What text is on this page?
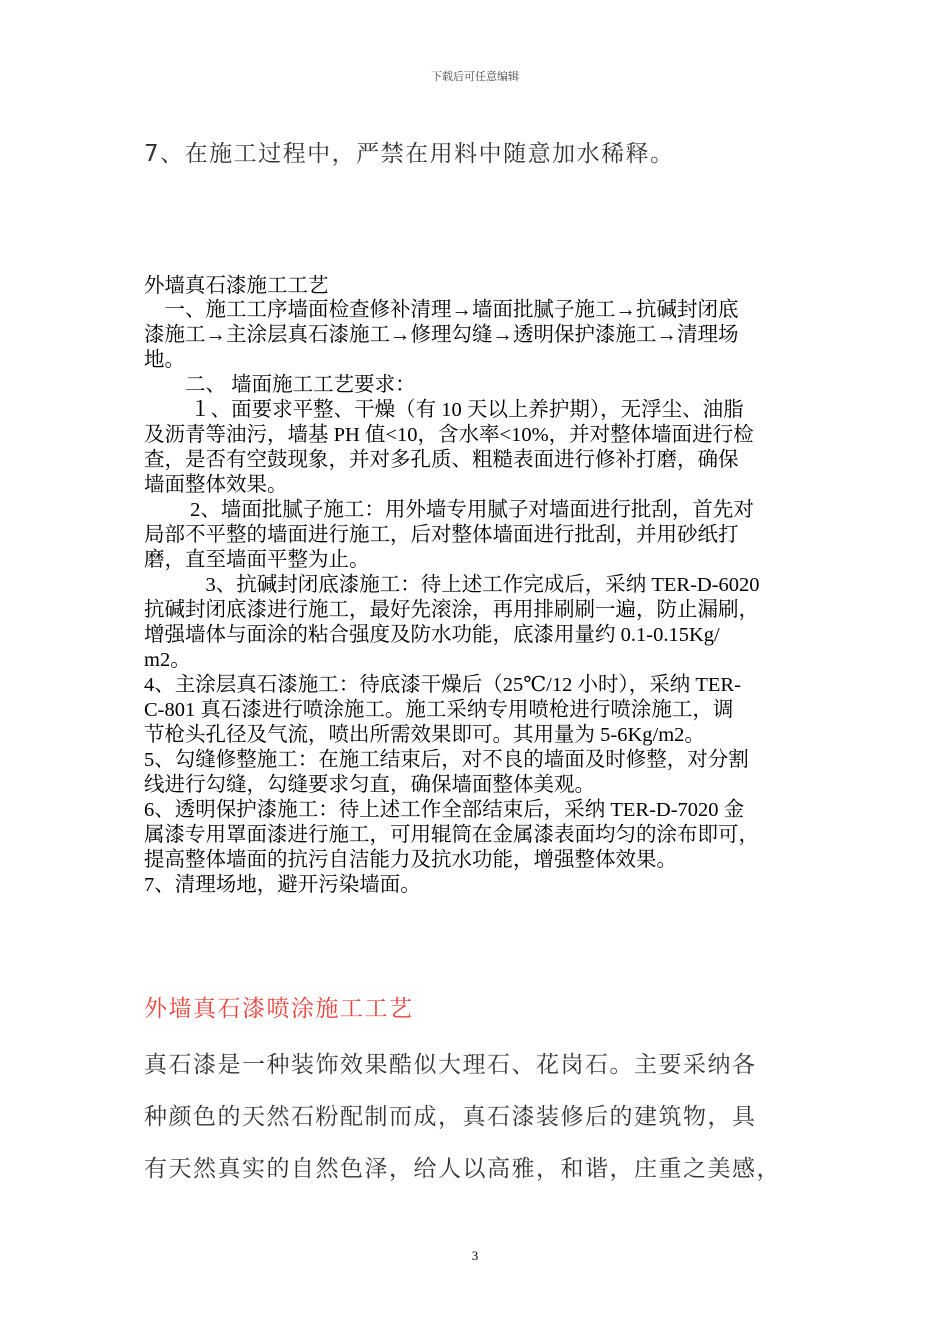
下载后可任意编辑
7、在施工过程中，严禁在用料中随意加水稀释。
外墙真石漆施工工艺
　一、施工工序墙面检查修补清理→墙面批腻子施工→抗碱封闭底
漆施工→主涂层真石漆施工→修理勾缝→透明保护漆施工→清理场
地。
　　二、 墙面施工工艺要求：
　　 １、面要求平整、干燥（有 10 天以上养护期），无浮尘、油脂
及沥青等油污，墙基 PH 值<10，含水率<10%，并对整体墙面进行检
查，是否有空鼓现象，并对多孔质、粗糙表面进行修补打磨，确保
墙面整体效果。
　　 2、墙面批腻子施工：用外墙专用腻子对墙面进行批刮，首先对
局部不平整的墙面进行施工，后对整体墙面进行批刮，并用砂纸打
磨，直至墙面平整为止。
　　　3、抗碱封闭底漆施工：待上述工作完成后，采纳 TER-D-6020
抗碱封闭底漆进行施工，最好先滚涂，再用排刷刷一遍，防止漏刷，
增强墙体与面涂的粘合强度及防水功能，底漆用量约 0.1-0.15Kg/
m2。
4、主涂层真石漆施工：待底漆干燥后（25℃/12 小时），采纳 TER-
C-801 真石漆进行喷涂施工。施工采纳专用喷枪进行喷涂施工，调
节枪头孔径及气流，喷出所需效果即可。其用量为 5-6Kg/m2。
5、勾缝修整施工：在施工结束后，对不良的墙面及时修整，对分割
线进行勾缝，勾缝要求匀直，确保墙面整体美观。
6、透明保护漆施工：待上述工作全部结束后，采纳 TER-D-7020 金
属漆专用罩面漆进行施工，可用辊筒在金属漆表面均匀的涂布即可，
提高整体墙面的抗污自洁能力及抗水功能，增强整体效果。
7、清理场地，避开污染墙面。
外墙真石漆喷涂施工工艺
真石漆是一种装饰效果酷似大理石、花岗石。主要采纳各
种颜色的天然石粉配制而成，真石漆装修后的建筑物，具
有天然真实的自然色泽，给人以高雅，和谐，庄重之美感，
3
